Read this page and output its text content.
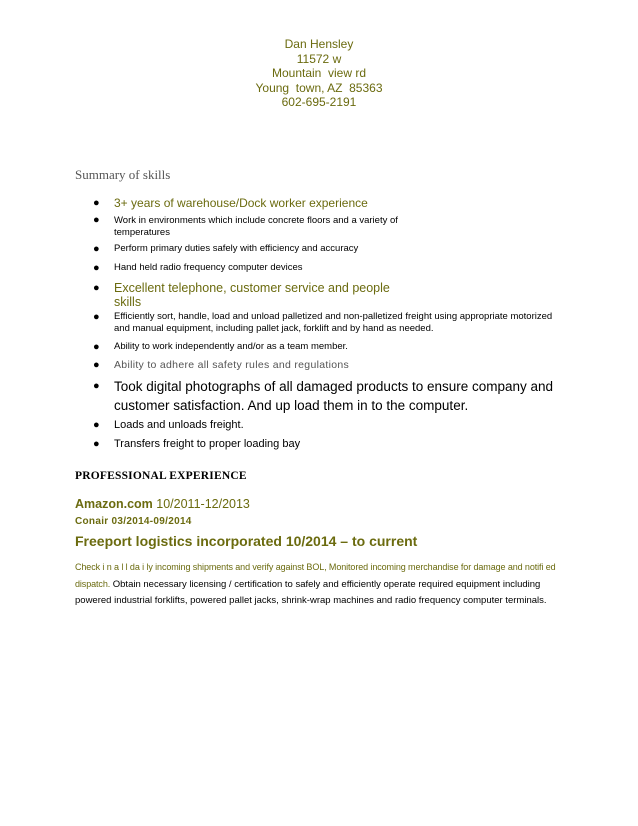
Dan Hensley
11572 w
Mountain  view rd
Young  town, AZ  85363
602-695-2191
Summary of skills
● 3+ years of warehouse/Dock worker experience
● Work in environments which include concrete floors and a variety of temperatures
● Perform primary duties safely with efficiency and accuracy
● Hand held radio frequency computer devices
● Excellent telephone, customer service and people skills
● Efficiently sort, handle, load and unload palletized and non-palletized freight using appropriate motorized and manual equipment, including pallet jack, forklift and by hand as needed.
● Ability to work independently and/or as a team member.
● Ability to adhere all safety rules and regulations
● Took digital photographs of all damaged products to ensure company and customer satisfaction. And up load them in to the computer.
● Loads and unloads freight.
● Transfers freight to proper loading bay
PROFESSIONAL EXPERIENCE
Amazon.com 10/2011-12/2013
Conair 03/2014-09/2014
Freeport logistics incorporated 10/2014 – to current
Check i n a l l da i ly incoming shipments and verify against BOL, Monitored incoming merchandise for damage and notifi ed dispatch. Obtain necessary licensing / certification to safely and efficiently operate required equipment including powered industrial forklifts, powered pallet jacks, shrink-wrap machines and radio frequency computer terminals.
